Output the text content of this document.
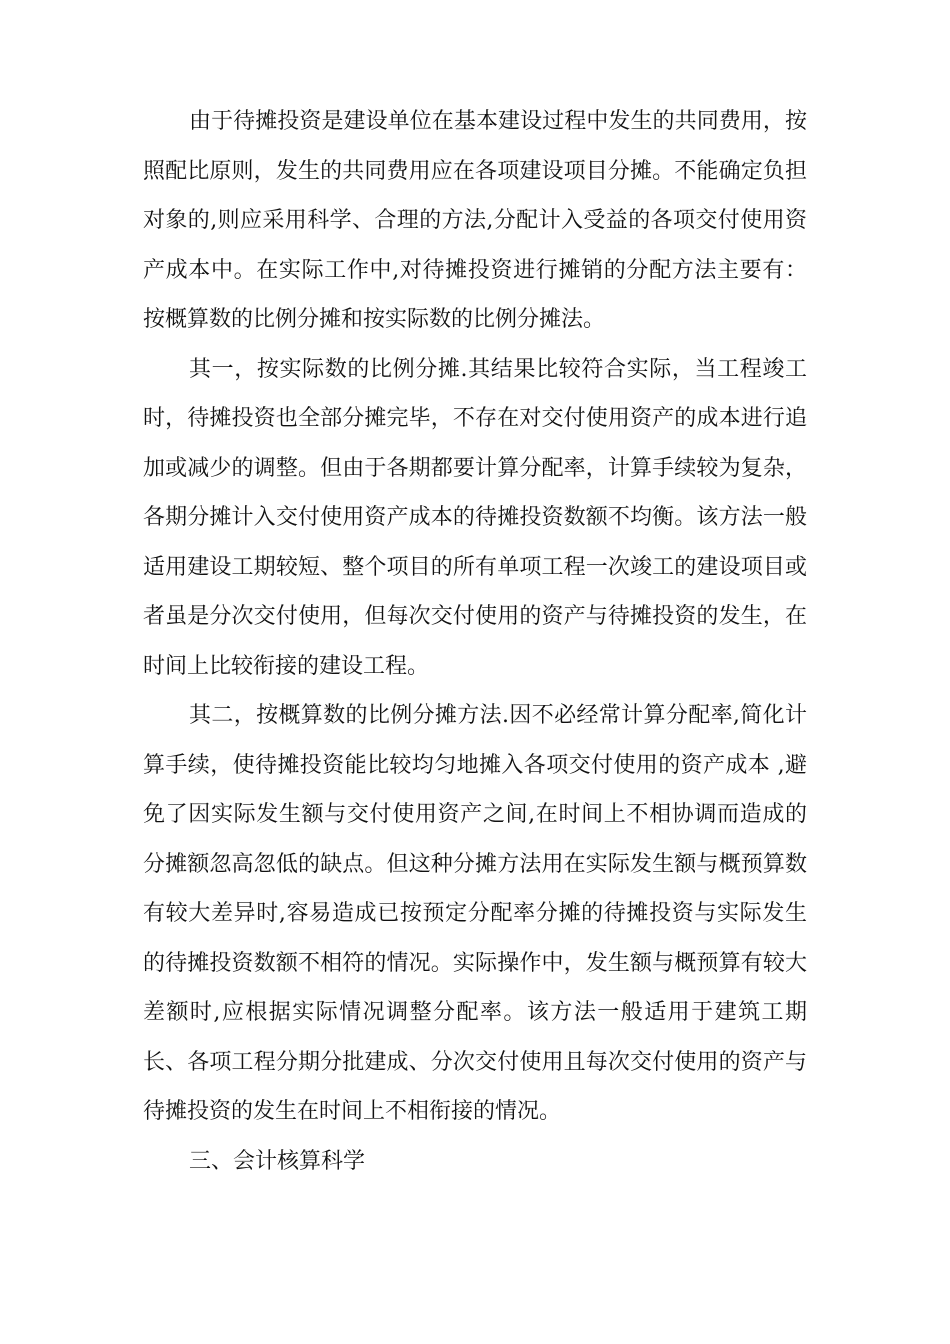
由于待摊投资是建设单位在基本建设过程中发生的共同费用，按照配比原则，发生的共同费用应在各项建设项目分摊。不能确定负担对象的,则应采用科学、合理的方法,分配计入受益的各项交付使用资产成本中。在实际工作中,对待摊投资进行摊销的分配方法主要有：按概算数的比例分摊和按实际数的比例分摊法。

其一，按实际数的比例分摊.其结果比较符合实际，当工程竣工时，待摊投资也全部分摊完毕，不存在对交付使用资产的成本进行追加或减少的调整。但由于各期都要计算分配率，计算手续较为复杂，各期分摊计入交付使用资产成本的待摊投资数额不均衡。该方法一般适用建设工期较短、整个项目的所有单项工程一次竣工的建设项目或者虽是分次交付使用，但每次交付使用的资产与待摊投资的发生，在时间上比较衔接的建设工程。

其二，按概算数的比例分摊方法.因不必经常计算分配率,简化计算手续，使待摊投资能比较均匀地摊入各项交付使用的资产成本 ,避免了因实际发生额与交付使用资产之间,在时间上不相协调而造成的分摊额忽高忽低的缺点。但这种分摊方法用在实际发生额与概预算数有较大差异时,容易造成已按预定分配率分摊的待摊投资与实际发生的待摊投资数额不相符的情况。实际操作中，发生额与概预算有较大差额时,应根据实际情况调整分配率。该方法一般适用于建筑工期长、各项工程分期分批建成、分次交付使用且每次交付使用的资产与待摊投资的发生在时间上不相衔接的情况。

三、会计核算科学
